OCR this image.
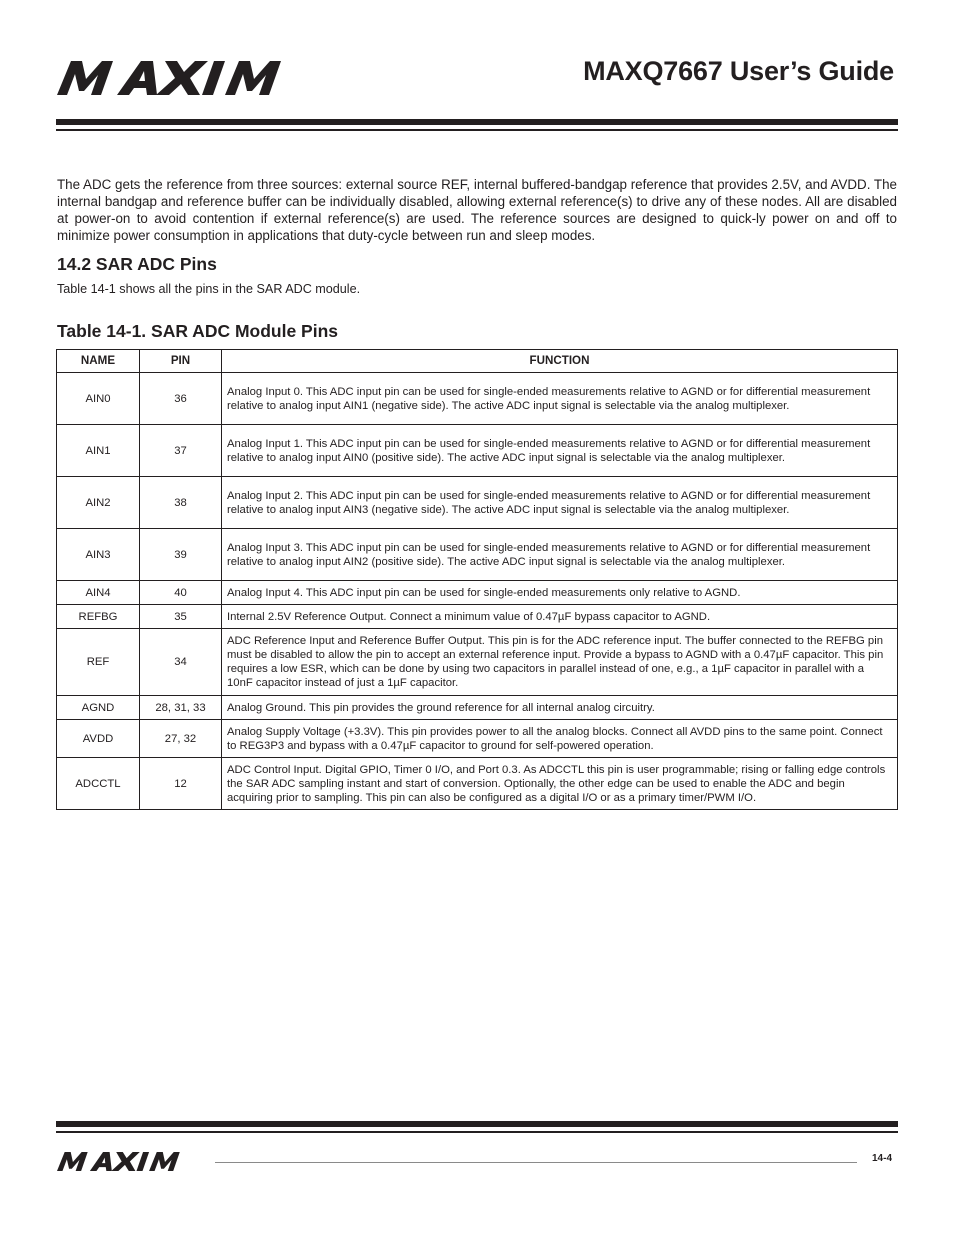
MAXQ7667 User’s Guide

The ADC gets the reference from three sources: external source REF, internal buffered-bandgap reference that provides 2.5V, and AVDD. The internal bandgap and reference buffer can be individually disabled, allowing external reference(s) to drive any of these nodes. All are disabled at power-on to avoid contention if external reference(s) are used. The reference sources are designed to quick-ly power on and off to minimize power consumption in applications that duty-cycle between run and sleep modes.

14.2 SAR ADC Pins

Table 14-1 shows all the pins in the SAR ADC module.

Table 14-1. SAR ADC Module Pins
NAME	PIN	FUNCTION
AIN0	36	Analog Input 0. This ADC input pin can be used for single-ended measurements relative to AGND or for differential measurement relative to analog input AIN1 (negative side). The active ADC input signal is selectable via the analog multiplexer.
AIN1	37	Analog Input 1. This ADC input pin can be used for single-ended measurements relative to AGND or for differential measurement relative to analog input AIN0 (positive side). The active ADC input signal is selectable via the analog multiplexer.
AIN2	38	Analog Input 2. This ADC input pin can be used for single-ended measurements relative to AGND or for differential measurement relative to analog input AIN3 (negative side). The active ADC input signal is selectable via the analog multiplexer.
AIN3	39	Analog Input 3. This ADC input pin can be used for single-ended measurements relative to AGND or for differential measurement relative to analog input AIN2 (positive side). The active ADC input signal is selectable via the analog multiplexer.
AIN4	40	Analog Input 4. This ADC input pin can be used for single-ended measurements only relative to AGND.
REFBG	35	Internal 2.5V Reference Output. Connect a minimum value of 0.47µF bypass capacitor to AGND.
REF	34	ADC Reference Input and Reference Buffer Output. This pin is for the ADC reference input. The buffer connected to the REFBG pin must be disabled to allow the pin to accept an external reference input. Provide a bypass to AGND with a 0.47µF capacitor. This pin requires a low ESR, which can be done by using two capacitors in parallel instead of one, e.g., a 1µF capacitor in parallel with a 10nF capacitor instead of just a 1µF capacitor.
AGND	28, 31, 33	Analog Ground. This pin provides the ground reference for all internal analog circuitry.
AVDD	27, 32	Analog Supply Voltage (+3.3V). This pin provides power to all the analog blocks. Connect all AVDD pins to the same point. Connect to REG3P3 and bypass with a 0.47µF capacitor to ground for self-powered operation.
ADCCTL	12	ADC Control Input. Digital GPIO, Timer 0 I/O, and Port 0.3. As ADCCTL this pin is user programmable; rising or falling edge controls the SAR ADC sampling instant and start of conversion. Optionally, the other edge can be used to enable the ADC and begin acquiring prior to sampling. This pin can also be configured as a digital I/O or as a primary timer/PWM I/O.
14-4
